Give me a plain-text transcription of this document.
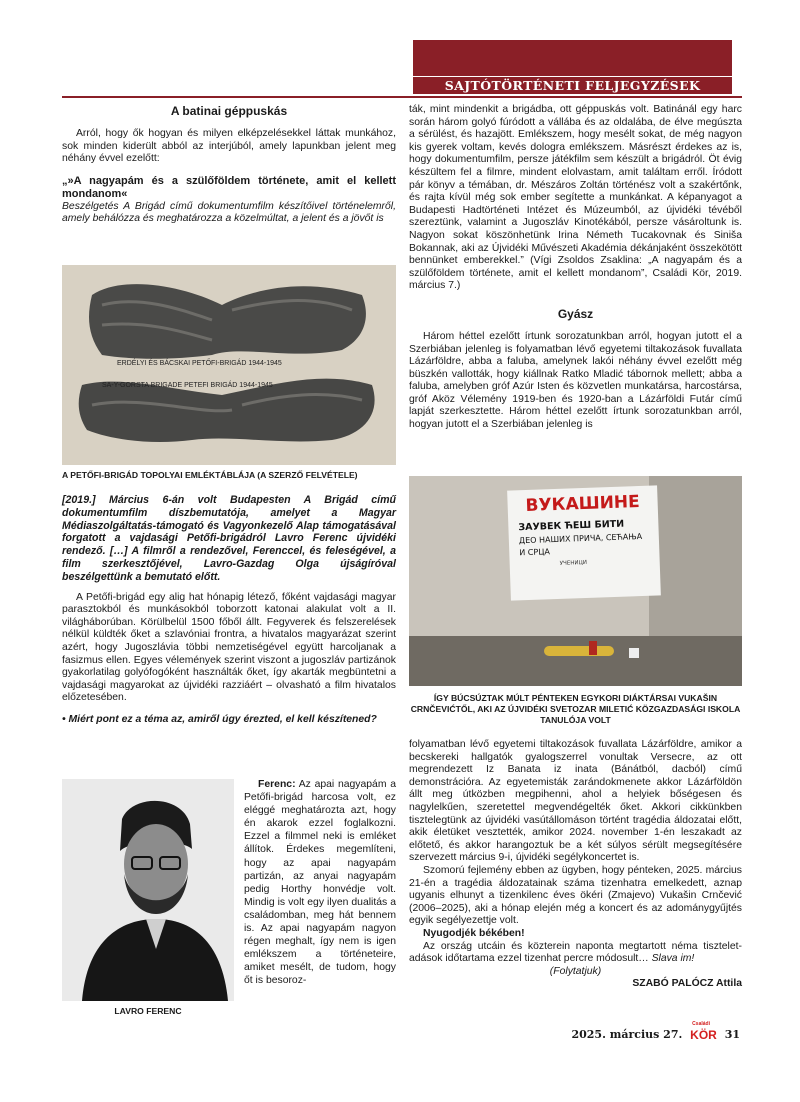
SAJTÓTÖRTÉNETI FELJEGYZÉSEK

A batinai géppuskás

Arról, hogy ők hogyan és milyen elképzelésekkel láttak munkához, sok minden kiderült abból az interjúból, amely lapunkban jelent meg néhány évvel ezelőtt:

„»A nagyapám és a szülőföldem története, amit el kellett mondanom«

Beszélgetés A Brigád című dokumentumfilm készítőivel történelemről, amely behálózza és meghatározza a közelmúltat, a jelent és a jövőt is

ERDÉLYI ÉS BÁCSKAI PETŐFI-BRIGÁD 1944-1945
SA-Y-GORSTA BRIGADE PETEFI BRIGÁD 1944-1945
A PETŐFI-BRIGÁD TOPOLYAI EMLÉKTÁBLÁJA (A SZERZŐ FELVÉTELE)

[2019.] Március 6-án volt Budapesten A Brigád című dokumentumfilm díszbemutatója, amelyet a Magyar Médiaszolgáltatás-támogató és Vagyonkezelő Alap támogatásával forgatott a vajdasági Petőfi-brigádról Lavro Ferenc újvidéki rendező. […] A filmről a rendezővel, Ferenccel, és feleségével, a film szerkesztőjével, Lavro-Gazdag Olga újságíróval beszélgettünk a bemutató előtt.

A Petőfi-brigád egy alig hat hónapig létező, főként vajdasági magyar parasztokból és munkásokból toborzott katonai alakulat volt a II. világháborúban. Körülbelül 1500 főből állt. Fegyverek és felszerelések nélkül küldték őket a szlavóniai frontra, a hivatalos magyarázat szerint azért, hogy Jugoszlávia többi nemzetiségével együtt harcoljanak a fasizmus ellen. Egyes vélemények szerint viszont a jugoszláv partizánok gyakorlatilag golyófogóként használták őket, így akarták megbüntetni a vajdasági magyarokat az újvidéki razziáért – olvasható a film hivatalos előzetesében.

• Miért pont ez a téma az, amiről úgy érezted, el kell készítened?

LAVRO FERENC

Ferenc: Az apai nagyapám a Petőfi-brigád harcosa volt, ez eléggé meghatározta azt, hogy én akarok ezzel foglalkozni. Ezzel a filmmel neki is emléket állítok. Érdekes megemlíteni, hogy az apai nagyapám partizán, az anyai nagyapám pedig Horthy honvédje volt. Mindig is volt egy ilyen dualitás a családomban, meg hát bennem is. Az apai nagyapám nagyon régen meghalt, így nem is igen emlékszem a történeteire, amiket mesélt, de tudom, hogy őt is besoroz-

ták, mint mindenkit a brigádba, ott géppuskás volt. Batinánál egy harc során három golyó fúródott a vállába és az oldalába, de élve megúszta a sérülést, és hazajött. Emlékszem, hogy mesélt sokat, de még nagyon kis gyerek voltam, kevés dologra emlékszem. Másrészt érdekes az is, hogy dokumentumfilm, persze játékfilm sem készült a brigádról. Öt évig készültem fel a filmre, mindent elolvastam, amit találtam erről. Íródott pár könyv a témában, dr. Mészáros Zoltán történész volt a szakértőnk, és rajta kívül még sok ember segítette a munkánkat. A képanyagot a Budapesti Hadtörténeti Intézet és Múzeumból, az újvidéki tévéből szereztünk, valamint a Jugoszláv Kinotékából, persze vásároltunk is. Nagyon sokat köszönhetünk Irina Németh Tucakovnak és Siniša Bokannak, aki az Újvidéki Művészeti Akadémia dékánjaként összekötött bennünket emberekkel.” (Vígi Zsoldos Zsaklina: „A nagyapám és a szülőföldem története, amit el kellett mondanom”, Családi Kör, 2019. március 7.)

Gyász

Három héttel ezelőtt írtunk sorozatunkban arról, hogyan jutott el a Szerbiában jelenleg is folyamatban lévő egyetemi tiltakozások fuvallata Lázárföldre, abba a faluba, amelynek lakói néhány évvel ezelőtt még büszkén vallották, hogy kiállnak Ratko Mladić tábornok mellett; abba a faluba, amelyben gróf Azúr Isten és közvetlen munkatársa, harcostársa, gróf Aköz Vélemény 1919-ben és 1920-ban a Lázárföldi Futár című lapját szerkesztette. Három héttel ezelőtt írtunk sorozatunkban arról, hogyan jutott el a Szerbiában jelenleg is

ВУКАШИНЕ
ЗАУВЕК ЋЕШ БИТИ
ДЕО НАШИХ ПРИЧА, СЕЋАЊА
И СРЦА
УЧЕНИЦИ
ÍGY BÚCSÚZTAK MÚLT PÉNTEKEN EGYKORI DIÁKTÁRSAI VUKAŠIN CRNČEVIĆTŐL, AKI AZ ÚJVIDÉKI SVETOZAR MILETIĆ KÖZGAZDASÁGI ISKOLA TANULÓJA VOLT

folyamatban lévő egyetemi tiltakozások fuvallata Lázárföldre, amikor a becskereki hallgatók gyalogszerrel vonultak Versecre, az ott megrendezett Iz Banata iz inata (Bánátból, dacból) című demonstrációra. Az egyetemisták zarándokmenete akkor Lázárföldön állt meg útközben megpihenni, ahol a helyiek bőségesen és nagylelkűen, szeretettel megvendégelték őket. Akkori cikkünkben tisztelegtünk az újvidéki vasútállomáson történt tragédia áldozatai előtt, akik életüket vesztették, amikor 2024. november 1-én leszakadt az előtető, és akkor harangoztuk be a két súlyos sérült megsegítésére szervezett március 9-i, újvidéki segélykoncertet is.

Szomorú fejlemény ebben az ügyben, hogy pénteken, 2025. március 21-én a tragédia áldozatainak száma tizenhatra emelkedett, aznap ugyanis elhunyt a tizenkilenc éves ökéri (Zmajevo) Vukašin Crnčević (2006–2025), aki a hónap elején még a koncert és az adománygyűjtés egyik segélyezettje volt.

Nyugodjék békében!

Az ország utcáin és közterein naponta megtartott néma tisztelet-adások időtartama ezzel tizenhat percre módosult… Slava im!

(Folytatjuk)

SZABÓ PALÓCZ Attila

2025. március 27.
Családi
KÖR 31
